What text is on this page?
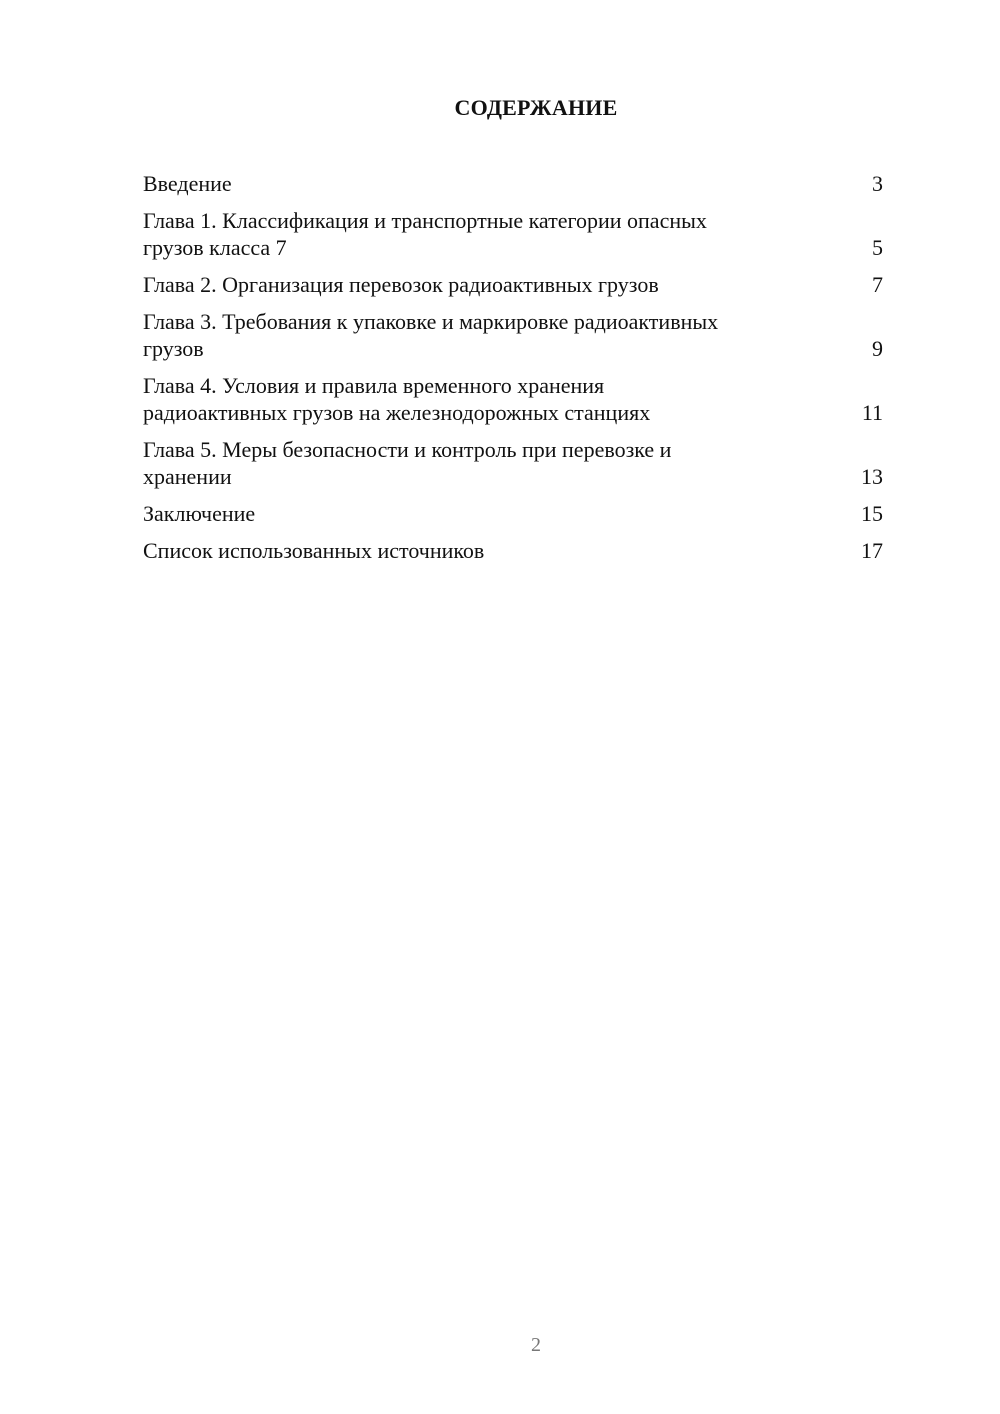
СОДЕРЖАНИЕ
Введение	3
Глава 1. Классификация и транспортные категории опасных
грузов класса 7	5
Глава 2. Организация перевозок радиоактивных грузов	7
Глава 3. Требования к упаковке и маркировке радиоактивных
грузов	9
Глава 4. Условия и правила временного хранения
радиоактивных грузов на железнодорожных станциях	11
Глава 5. Меры безопасности и контроль при перевозке и
хранении	13
Заключение	15
Список использованных источников	17
2
